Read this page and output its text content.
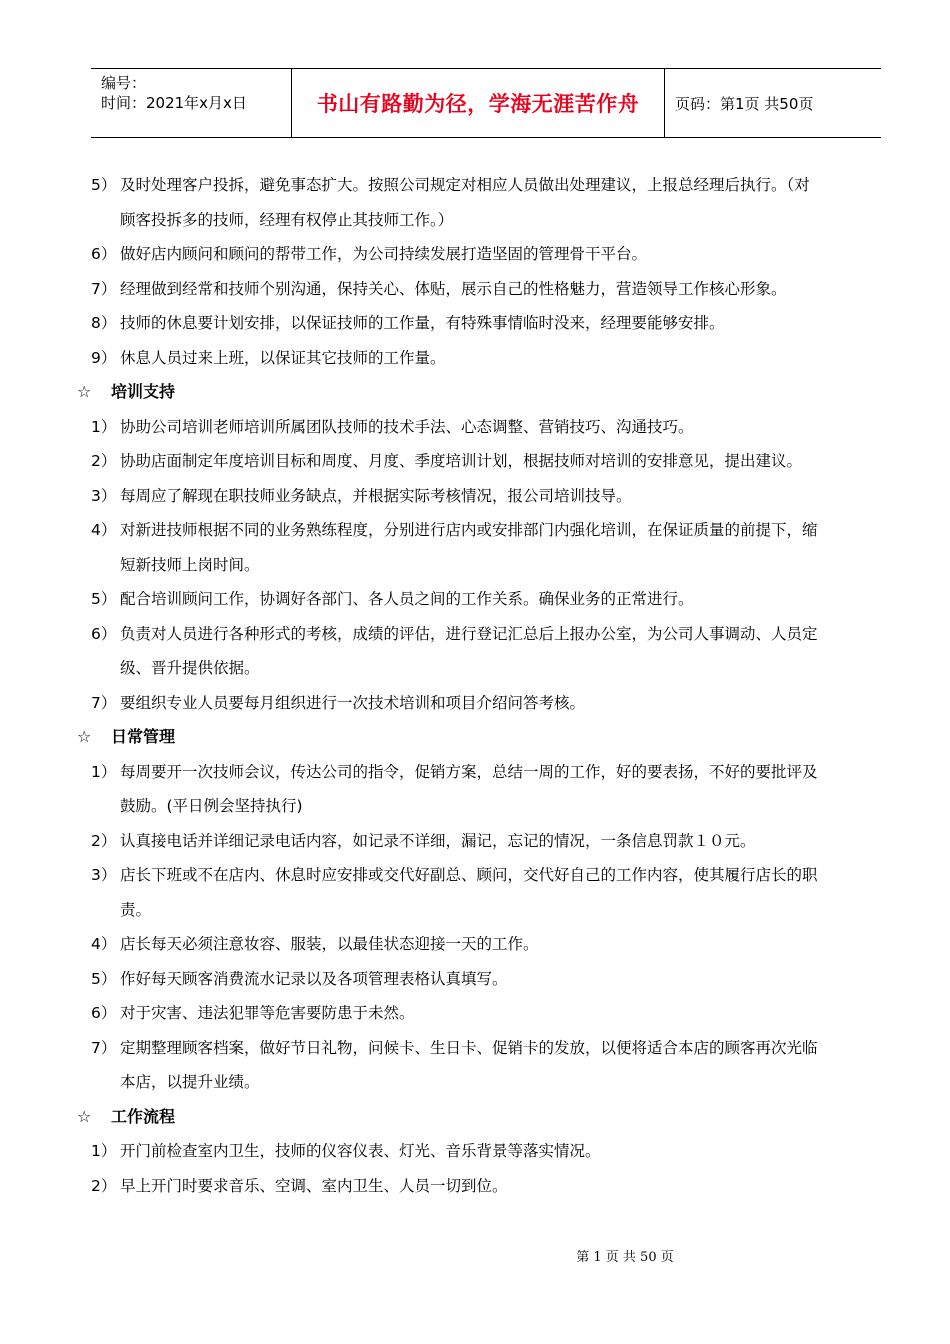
编号：
时间：2021年x月x日	书山有路勤为径，学海无涯苦作舟	页码：第1页 共50页
5） 及时处理客户投拆，避免事态扩大。按照公司规定对相应人员做出处理建议，上报总经理后执行。（对
顾客投拆多的技师，经理有权停止其技师工作。）
6） 做好店内顾问和顾问的帮带工作，为公司持续发展打造坚固的管理骨干平台。
7） 经理做到经常和技师个别沟通，保持关心、体贴，展示自己的性格魅力，营造领导工作核心形象。
8） 技师的休息要计划安排，以保证技师的工作量，有特殊事情临时没来，经理要能够安排。
9） 休息人员过来上班，以保证其它技师的工作量。
☆	培训支持
1） 协助公司培训老师培训所属团队技师的技术手法、心态调整、营销技巧、沟通技巧。
2） 协助店面制定年度培训目标和周度、月度、季度培训计划，根据技师对培训的安排意见，提出建议。
3） 每周应了解现在职技师业务缺点，并根据实际考核情况，报公司培训技导。
4） 对新进技师根据不同的业务熟练程度，分别进行店内或安排部门内强化培训，在保证质量的前提下，缩
短新技师上岗时间。
5） 配合培训顾问工作，协调好各部门、各人员之间的工作关系。确保业务的正常进行。
6） 负责对人员进行各种形式的考核，成绩的评估，进行登记汇总后上报办公室，为公司人事调动、人员定
级、晋升提供依据。
7） 要组织专业人员要每月组织进行一次技术培训和项目介绍问答考核。
☆	日常管理
1） 每周要开一次技师会议，传达公司的指令，促销方案，总结一周的工作，好的要表扬，不好的要批评及
鼓励。(平日例会坚持执行)
2） 认真接电话并详细记录电话内容，如记录不详细，漏记，忘记的情况，一条信息罚款１０元。
3） 店长下班或不在店内、休息时应安排或交代好副总、顾问，交代好自己的工作内容，使其履行店长的职
责。
4） 店长每天必须注意妆容、服装，以最佳状态迎接一天的工作。
5） 作好每天顾客消费流水记录以及各项管理表格认真填写。
6） 对于灾害、违法犯罪等危害要防患于未然。
7） 定期整理顾客档案，做好节日礼物，问候卡、生日卡、促销卡的发放，以便将适合本店的顾客再次光临
本店，以提升业绩。
☆	工作流程
1） 开门前检查室内卫生，技师的仪容仪表、灯光、音乐背景等落实情况。
2） 早上开门时要求音乐、空调、室内卫生、人员一切到位。
第 1 页 共 50 页
